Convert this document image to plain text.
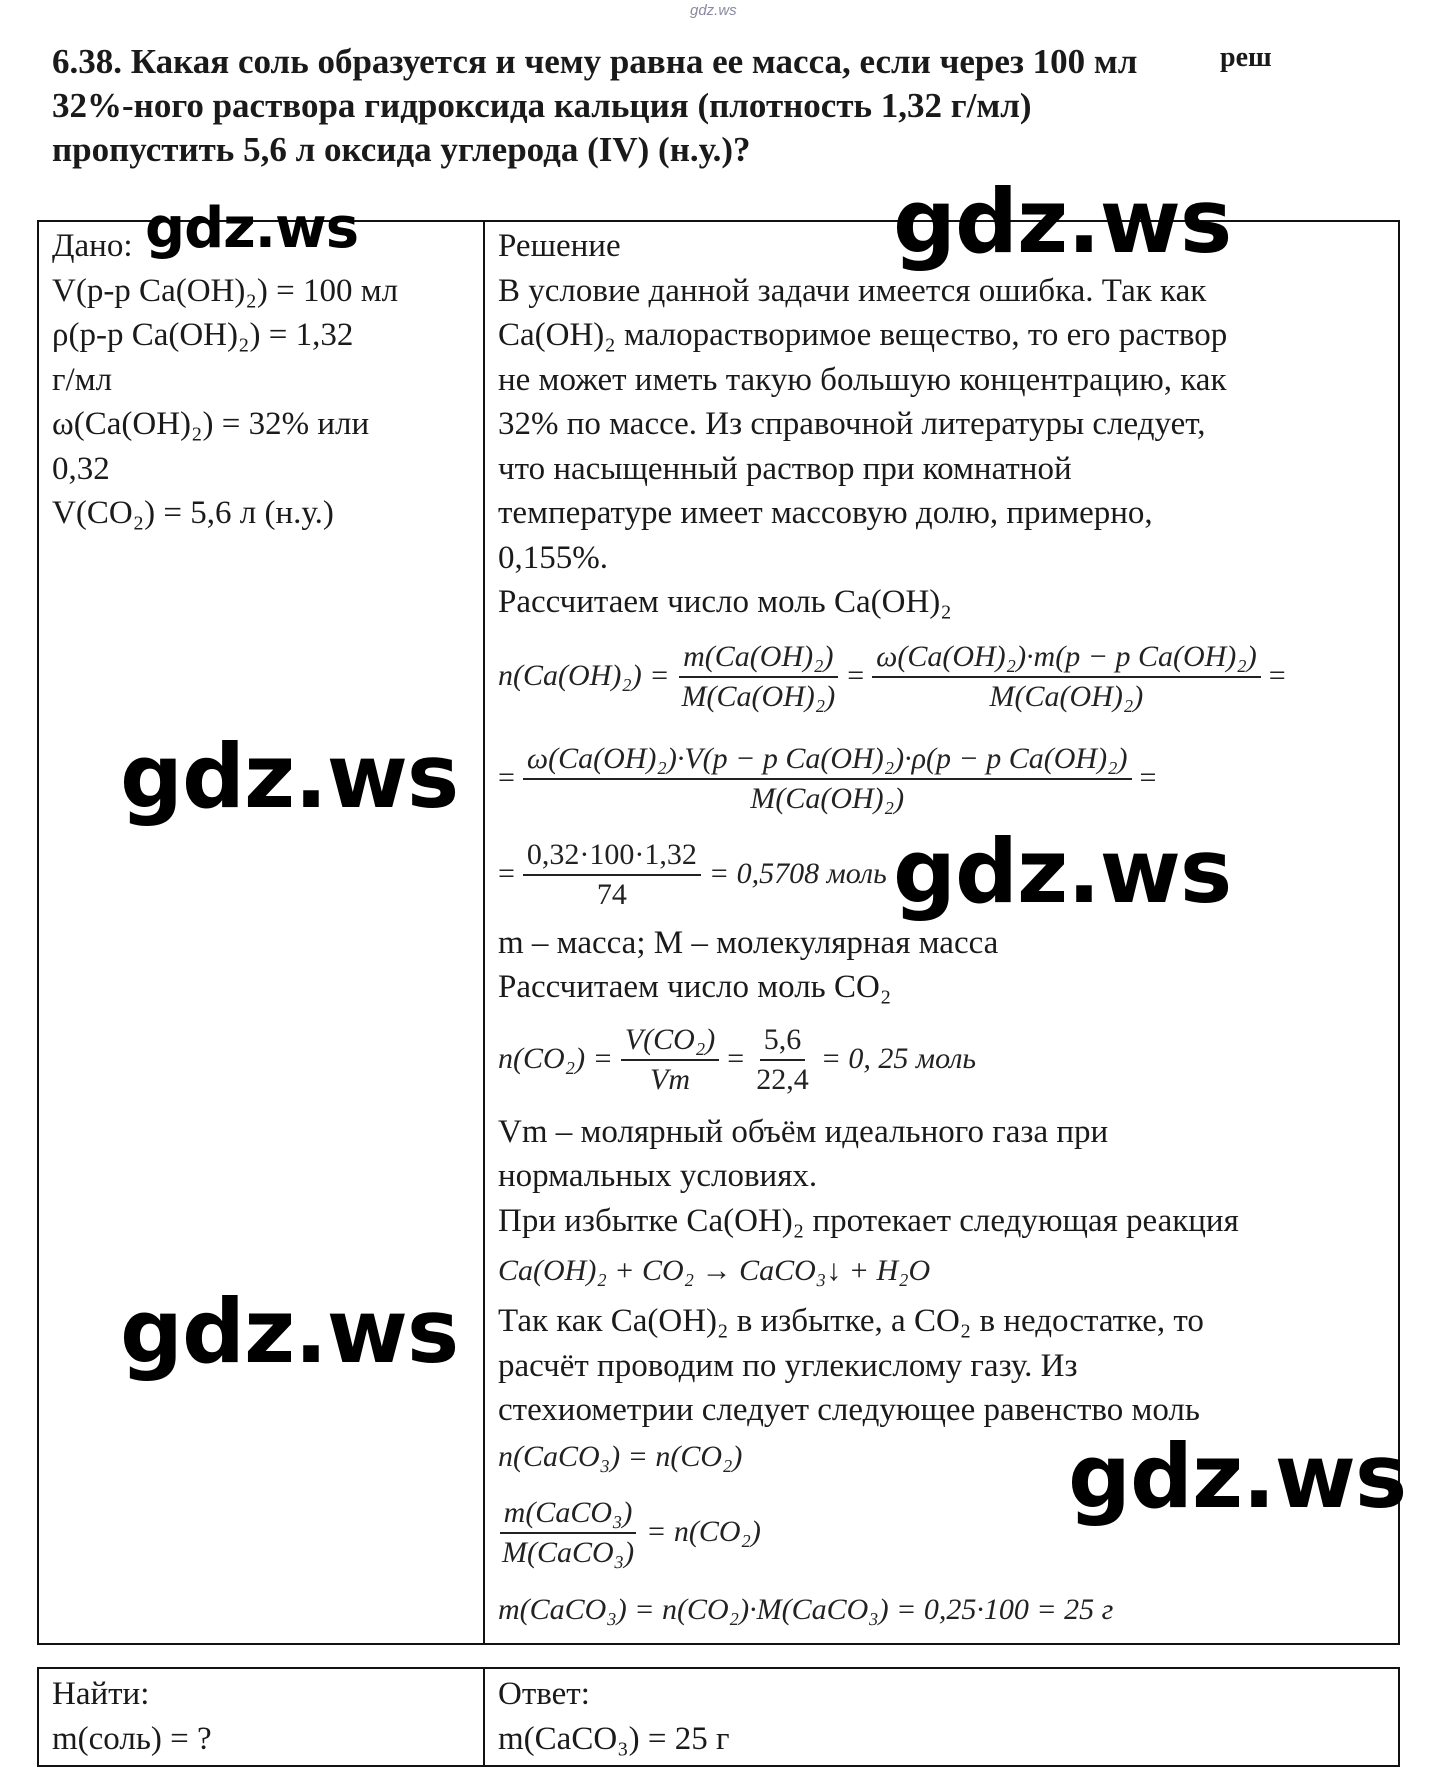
gdz.ws
6.38. Какая соль образуется и чему равна ее масса, если через 100 мл
32%-ного раствора гидроксида кальция (плотность 1,32 г/мл)
пропустить 5,6 л оксида углерода (IV) (н.у.)?
реш
Дано:
V(р-р Ca(OH)₂) = 100 мл
ρ(р-р Ca(OH)₂) = 1,32
г/мл
ω(Ca(OH)₂) = 32% или
0,32
V(CO₂) = 5,6 л (н.у.)
Решение
В условие данной задачи имеется ошибка. Так как
Ca(OH)₂ малорастворимое вещество, то его раствор
не может иметь такую большую концентрацию, как
32% по массе. Из справочной литературы следует,
что насыщенный раствор при комнатной
температуре имеет массовую долю, примерно,
0,155%.
Рассчитаем число моль Ca(OH)₂
$n(Ca(OH)_2) = \frac{\text{m(Ca(OH)₂)}}{\text{M(Ca(OH)₂)}} = \frac{\text{ω(Ca(OH)₂)·m(p − p Ca(OH)₂)}}{\text{M(Ca(OH)₂)}}$ =
= $\frac{\text{ω(Ca(OH)₂)·V(p − p Ca(OH)₂)·ρ(p − p Ca(OH)₂)}}{\text{M(Ca(OH)₂)}}$ =
= $\frac{0,32\cdot 100\cdot 1,32}{74} = 0,5708$ моль
m – масса; M – молекулярная масса
Рассчитаем число моль CO₂
$n(CO_2) = \frac{\text{V(CO₂)}}{Vm} = \frac{5,6}{22,4} = 0$, 25 моль
Vm – молярный объём идеального газа при
нормальных условиях.
При избытке Ca(OH)₂ протекает следующая реакция
Ca(OH)₂ + CO₂ → CaCO₃↓ + H₂O
Так как Ca(OH)₂ в избытке, а CO₂ в недостатке, то
расчёт проводим по углекислому газу. Из
стехиометрии следует следующее равенство моль
n(CaCO₃) = n(CO₂)
$\frac{\text{m(CaCO₃)}}{\text{M(CaCO₃)}} = n(CO_2)$
m(CaCO₃) = n(CO₂)·M(CaCO₃) = 0,25·100 = 25 г
Найти:
m(соль) = ?
Ответ:
m(CaCO₃) = 25 г
gdz.ws	gdz.ws
gdz.ws
gdz.ws
gdz.ws
gdz.ws
